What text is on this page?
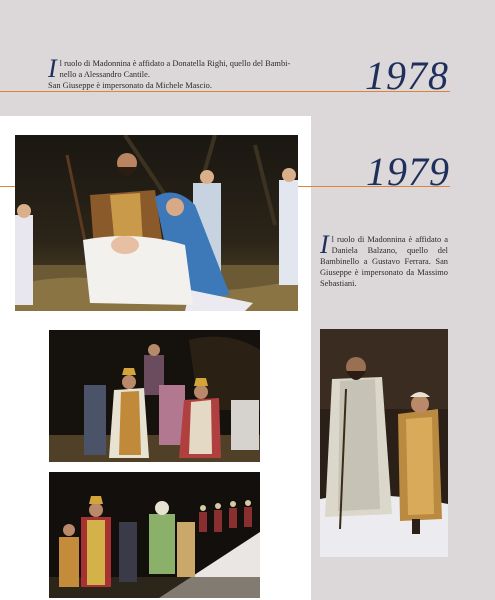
1978
1979
I l ruolo di Madonnina è affidato a Donatella Righi, quello del Bambi-
nello a Alessandro Cantile.
San Giuseppe è impersonato da Michele Mascio.
I l ruolo di Madonnina è affidato a Daniela Balzano, quello del Bambinello a Gustavo Ferrara. San Giuseppe è impersonato da Massimo Sebastiani.
